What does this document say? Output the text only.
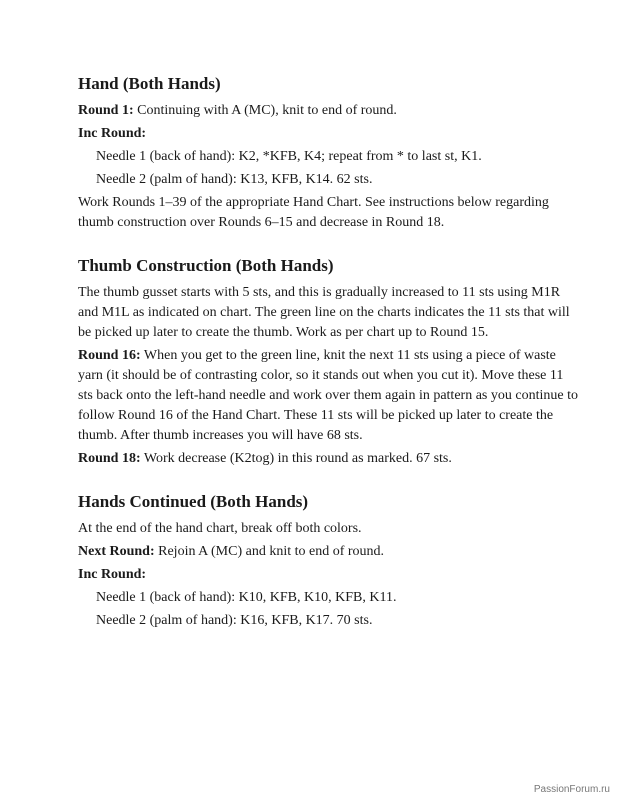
Hand (Both Hands)

Round 1: Continuing with A (MC), knit to end of round.

Inc Round:

Needle 1 (back of hand): K2, *KFB, K4; repeat from * to last st, K1.

Needle 2 (palm of hand): K13, KFB, K14. 62 sts.

Work Rounds 1–39 of the appropriate Hand Chart. See instructions below regarding thumb construction over Rounds 6–15 and decrease in Round 18.

Thumb Construction (Both Hands)

The thumb gusset starts with 5 sts, and this is gradually increased to 11 sts using M1R and M1L as indicated on chart. The green line on the charts indicates the 11 sts that will be picked up later to create the thumb. Work as per chart up to Round 15.

Round 16: When you get to the green line, knit the next 11 sts using a piece of waste yarn (it should be of contrasting color, so it stands out when you cut it). Move these 11 sts back onto the left-hand needle and work over them again in pattern as you continue to follow Round 16 of the Hand Chart. These 11 sts will be picked up later to create the thumb. After thumb increases you will have 68 sts.

Round 18: Work decrease (K2tog) in this round as marked. 67 sts.

Hands Continued (Both Hands)

At the end of the hand chart, break off both colors.

Next Round: Rejoin A (MC) and knit to end of round.

Inc Round:

Needle 1 (back of hand): K10, KFB, K10, KFB, K11.

Needle 2 (palm of hand): K16, KFB, K17. 70 sts.

PassionForum.ru
